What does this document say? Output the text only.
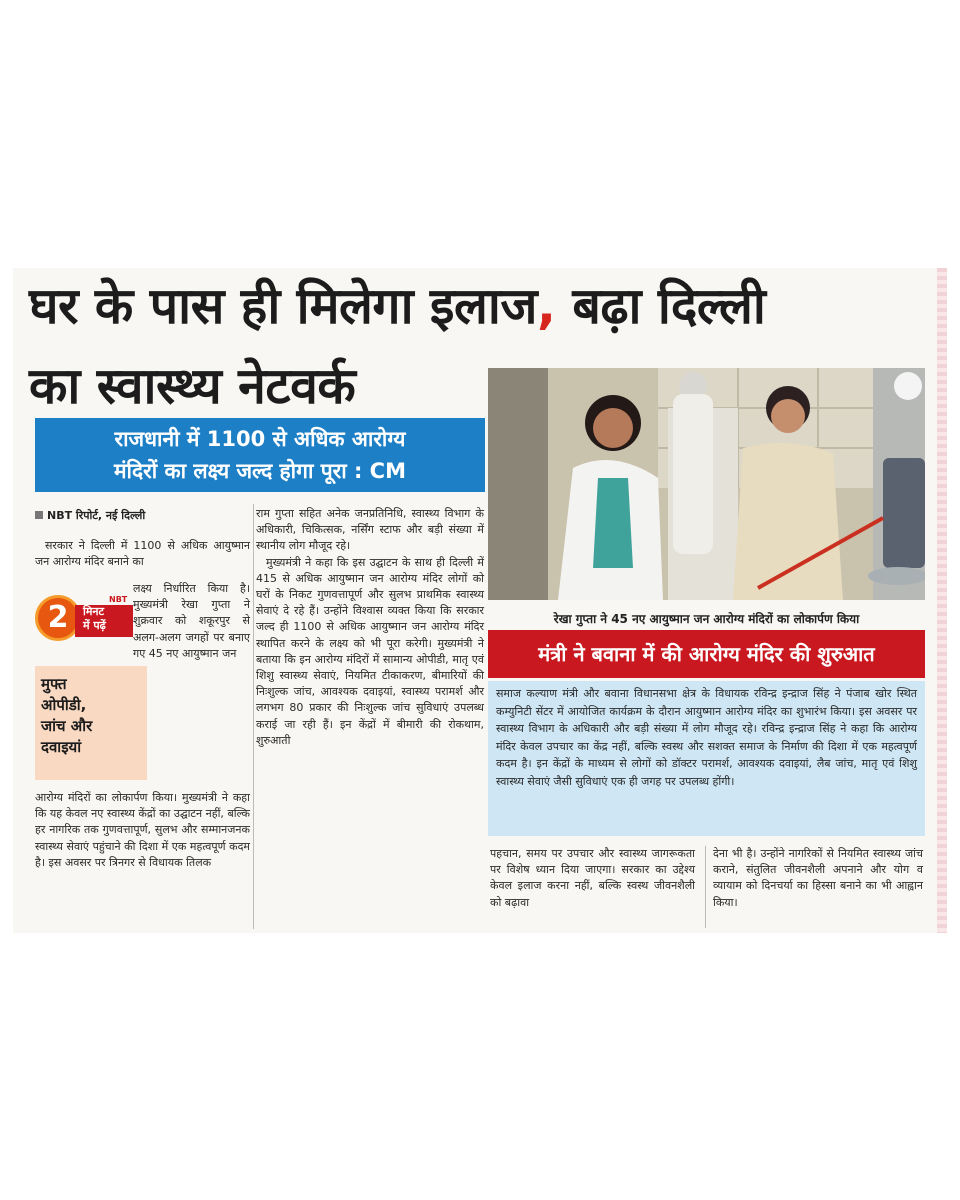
घर के पास ही मिलेगा इलाज, बढ़ा दिल्ली
का स्वास्थ्य नेटवर्क
राजधानी में 1100 से अधिक आरोग्य
मंदिरों का लक्ष्य जल्द होगा पूरा : CM
NBT रिपोर्ट, नई दिल्ली

सरकार ने दिल्ली में 1100 से अधिक आयुष्मान जन आरोग्य मंदिर बनाने का

2	मिनट
में पढ़ें
NBT
मुफ्त
ओपीडी,
जांच और
दवाइयां

लक्ष्य निर्धारित किया है। मुख्यमंत्री रेखा गुप्ता ने शुक्रवार को शकूरपुर से अलग-अलग जगहों पर बनाए गए 45 नए आयुष्मान जन

आरोग्य मंदिरों का लोकार्पण किया। मुख्यमंत्री ने कहा कि यह केवल नए स्वास्थ्य केंद्रों का उद्घाटन नहीं, बल्कि हर नागरिक तक गुणवत्तापूर्ण, सुलभ और सम्मानजनक स्वास्थ्य सेवाएं पहुंचाने की दिशा में एक महत्वपूर्ण कदम है। इस अवसर पर त्रिनगर से विधायक तिलक

राम गुप्ता सहित अनेक जनप्रतिनिधि, स्वास्थ्य विभाग के अधिकारी, चिकित्सक, नर्सिंग स्टाफ और बड़ी संख्या में स्थानीय लोग मौजूद रहे।

मुख्यमंत्री ने कहा कि इस उद्घाटन के साथ ही दिल्ली में 415 से अधिक आयुष्मान जन आरोग्य मंदिर लोगों को घरों के निकट गुणवत्तापूर्ण और सुलभ प्राथमिक स्वास्थ्य सेवाएं दे रहे हैं। उन्होंने विश्वास व्यक्त किया कि सरकार जल्द ही 1100 से अधिक आयुष्मान जन आरोग्य मंदिर स्थापित करने के लक्ष्य को भी पूरा करेगी। मुख्यमंत्री ने बताया कि इन आरोग्य मंदिरों में सामान्य ओपीडी, मातृ एवं शिशु स्वास्थ्य सेवाएं, नियमित टीकाकरण, बीमारियों की निःशुल्क जांच, आवश्यक दवाइयां, स्वास्थ्य परामर्श और लगभग 80 प्रकार की निःशुल्क जांच सुविधाएं उपलब्ध कराई जा रही हैं। इन केंद्रों में बीमारी की रोकथाम, शुरुआती

रेखा गुप्ता ने 45 नए आयुष्मान जन आरोग्य मंदिरों का लोकार्पण किया
मंत्री ने बवाना में की आरोग्य मंदिर की शुरुआत
समाज कल्याण मंत्री और बवाना विधानसभा क्षेत्र के विधायक रविन्द्र इन्द्राज सिंह ने पंजाब खोर स्थित कम्युनिटी सेंटर में आयोजित कार्यक्रम के दौरान आयुष्मान आरोग्य मंदिर का शुभारंभ किया। इस अवसर पर स्वास्थ्य विभाग के अधिकारी और बड़ी संख्या में लोग मौजूद रहे। रविन्द्र इन्द्राज सिंह ने कहा कि आरोग्य मंदिर केवल उपचार का केंद्र नहीं, बल्कि स्वस्थ और सशक्त समाज के निर्माण की दिशा में एक महत्वपूर्ण कदम है। इन केंद्रों के माध्यम से लोगों को डॉक्टर परामर्श, आवश्यक दवाइयां, लैब जांच, मातृ एवं शिशु स्वास्थ्य सेवाएं जैसी सुविधाएं एक ही जगह पर उपलब्ध होंगी।

पहचान, समय पर उपचार और स्वास्थ्य जागरूकता पर विशेष ध्यान दिया जाएगा। सरकार का उद्देश्य केवल इलाज करना नहीं, बल्कि स्वस्थ जीवनशैली को बढ़ावा

देना भी है। उन्होंने नागरिकों से नियमित स्वास्थ्य जांच कराने, संतुलित जीवनशैली अपनाने और योग व व्यायाम को दिनचर्या का हिस्सा बनाने का भी आह्वान किया।
